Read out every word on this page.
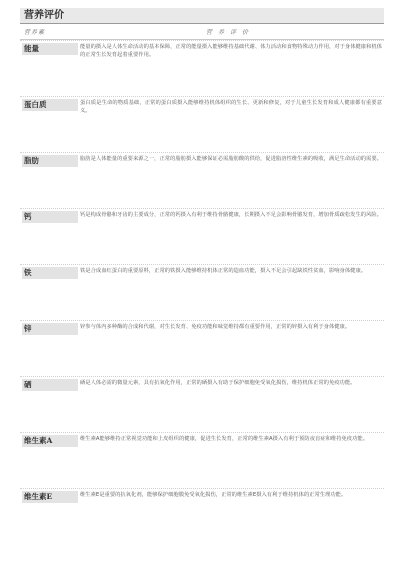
营养评价
营养素	营养评价
能量	能量的摄入是人体生命活动的基本保障，正常的能量摄入能够维持基础代谢、体力活动和食物特殊动力作用，对于身体健康和机体的正常生长发育起着重要作用。
蛋白质	蛋白质是生命的物质基础，正常的蛋白质摄入能够维持机体组织的生长、更新和修复，对于儿童生长发育和成人健康都有重要意义。
脂肪	脂肪是人体能量的重要来源之一，正常的脂肪摄入能够保证必需脂肪酸的供给，促进脂溶性维生素的吸收，满足生命活动的需要。
钙	钙是构成骨骼和牙齿的主要成分，正常的钙摄入有利于维持骨骼健康，长期摄入不足会影响骨骼发育，增加骨质疏松发生的风险。
铁	铁是合成血红蛋白的重要原料，正常的铁摄入能够维持机体正常的造血功能，摄入不足会引起缺铁性贫血，影响身体健康。
锌	锌参与体内多种酶的合成和代谢，对生长发育、免疫功能和味觉维持都有重要作用，正常的锌摄入有利于身体健康。
硒	硒是人体必需的微量元素，具有抗氧化作用，正常的硒摄入有助于保护细胞免受氧化损伤，维持机体正常的免疫功能。
维生素A	维生素A能够维持正常视觉功能和上皮组织的健康，促进生长发育，正常的维生素A摄入有利于预防夜盲症和维持免疫功能。
维生素E	维生素E是重要的抗氧化剂，能够保护细胞膜免受氧化损伤，正常的维生素E摄入有利于维持机体的正常生理功能。
